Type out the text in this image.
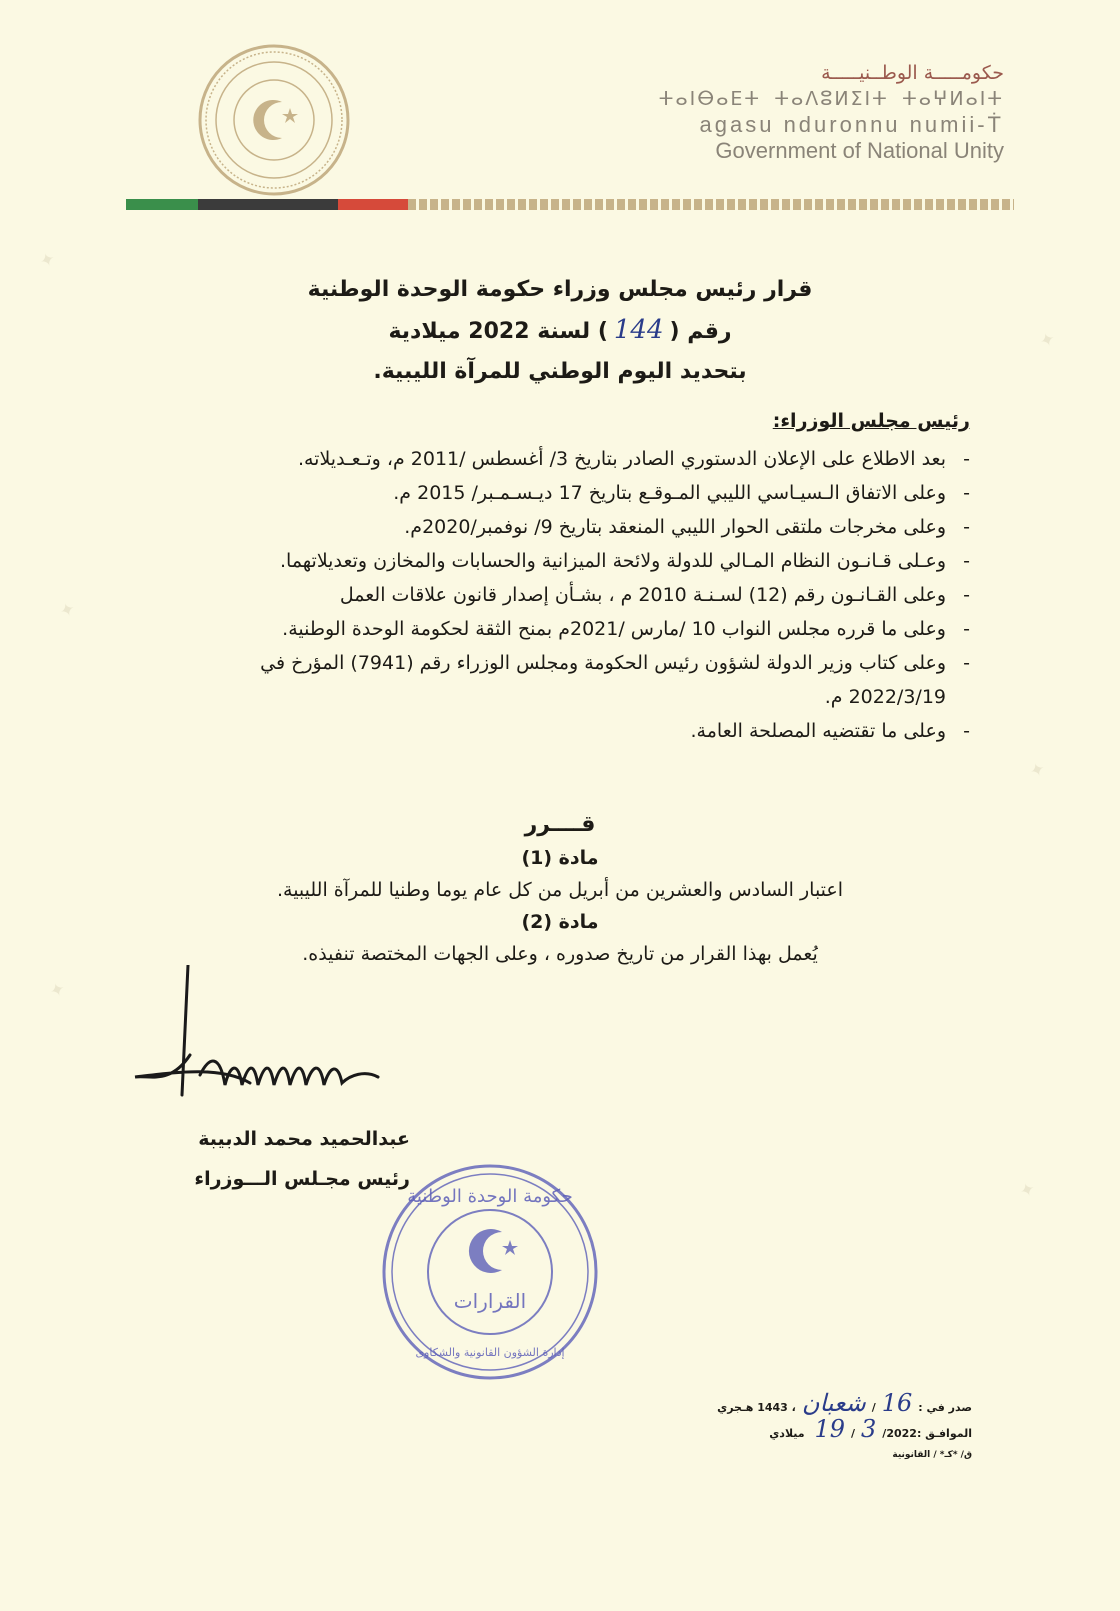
✦
✦
✦
✦
✦
✦
حكومـــــة الوطــنيـــــة
ⵜⴰⵏⴱⴰⴹⵜ ⵜⴰⴷⵓⵍⵉⵏⵜ ⵜⴰⵖⵍⴰⵏⵜ
agasu nduronnu numii-Ṫ
Government of National Unity
قرار رئيس مجلس وزراء حكومة الوحدة الوطنية
رقم (144) لسنة 2022 ميلادية
بتحديد اليوم الوطني للمرآة الليبية.
رئيس مجلس الوزراء:
- بعد الاطلاع على الإعلان الدستوري الصادر بتاريخ 3/ أغسطس /2011 م، وتـعـديلاته.
- وعلى الاتفاق الـسيـاسي الليبي المـوقـع بتاريخ 17 ديـسـمـبر/ 2015 م.
- وعلى مخرجات ملتقى الحوار الليبي المنعقد بتاريخ 9/ نوفمبر/2020م.
- وعـلى قـانـون النظام المـالي للدولة ولائحة الميزانية والحسابات والمخازن وتعديلاتهما.
- وعلى القـانـون رقم (12) لسـنـة 2010 م ، بشـأن إصدار قانون علاقات العمل
- وعلى ما قرره مجلس النواب 10 /مارس /2021م بمنح الثقة لحكومة الوحدة الوطنية.
- وعلى كتاب وزير الدولة لشؤون رئيس الحكومة ومجلس الوزراء رقم (7941) المؤرخ في
2022/3/19 م.
- وعلى ما تقتضيه المصلحة العامة.
قــــرر
مادة (1)
اعتبار السادس والعشرين من أبريل من كل عام يوما وطنيا للمرآة الليبية.
مادة (2)
يُعمل بهذا القرار من تاريخ صدوره ، وعلى الجهات المختصة تنفيذه.
عبدالحميد محمد الدبيبة
رئيس مجـلس الـــوزراء
حكومة الوحدة الوطنية
القرارات
إدارة الشؤون القانونية والشكاوى
صدر في :16/شعبان، 1443 هـجري
الموافـق :19 / 3/2022 ميلادي
ق/ *كـ* / القانونية
